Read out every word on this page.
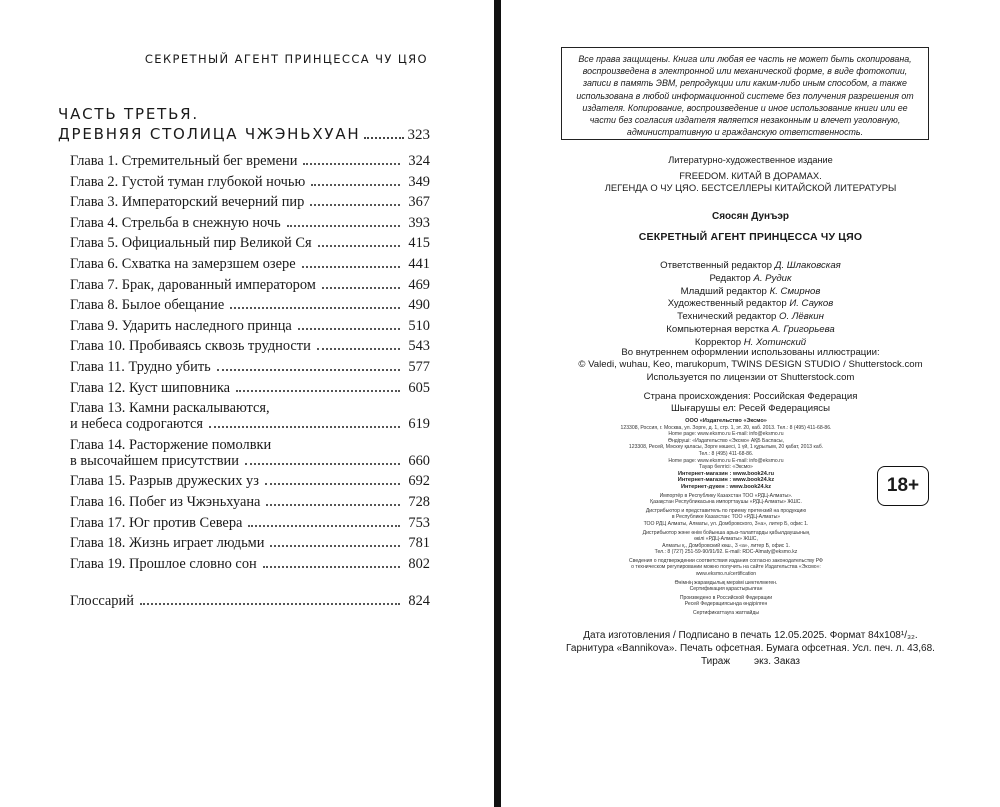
СЕКРЕТНЫЙ АГЕНТ ПРИНЦЕССА ЧУ ЦЯО
ЧАСТЬ ТРЕТЬЯ.
ДРЕВНЯЯ СТОЛИЦА ЧЖЭНЬХУАН	323
Глава 1. Стремительный бег времени	324
Глава 2. Густой туман глубокой ночью	349
Глава 3. Императорский вечерний пир	367
Глава 4. Стрельба в снежную ночь	393
Глава 5. Официальный пир Великой Ся	415
Глава 6. Схватка на замерзшем озере	441
Глава 7. Брак, дарованный императором	469
Глава 8. Былое обещание	490
Глава 9. Ударить наследного принца	510
Глава 10. Пробиваясь сквозь трудности	543
Глава 11. Трудно убить	577
Глава 12. Куст шиповника	605
Глава 13. Камни раскалываются,
и небеса содрогаются	619
Глава 14. Расторжение помолвки
в высочайшем присутствии	660
Глава 15. Разрыв дружеских уз	692
Глава 16. Побег из Чжэньхуана	728
Глава 17. Юг против Севера	753
Глава 18. Жизнь играет людьми	781
Глава 19. Прошлое словно сон	802
Глоссарий	824
Все права защищены. Книга или любая ее часть не может быть скопирована, воспроизведена в электронной или механической форме, в виде фотокопии, записи в память ЭВМ, репродукции или каким-либо иным способом, а также использована в любой информационной системе без получения разрешения от издателя. Копирование, воспроизведение и иное использование книги или ее части без согласия издателя является незаконным и влечет уголовную, административную и гражданскую ответственность.
Литературно-художественное издание
FREEDOM. КИТАЙ В ДОРАМАХ.
ЛЕГЕНДА О ЧУ ЦЯО. БЕСТСЕЛЛЕРЫ КИТАЙСКОЙ ЛИТЕРАТУРЫ
Сяосян Дунъэр
СЕКРЕТНЫЙ АГЕНТ ПРИНЦЕССА ЧУ ЦЯО
Ответственный редактор Д. Шлаковская
Редактор А. Рудик
Младший редактор К. Смирнов
Художественный редактор И. Сауков
Технический редактор О. Лёвкин
Компьютерная верстка А. Григорьева
Корректор Н. Хотинский
Во внутреннем оформлении использованы иллюстрации:
© Valedi, wuhau, Keo, marukopum, TWINS DESIGN STUDIO / Shutterstock.com
Используется по лицензии от Shutterstock.com
Страна происхождения: Российская Федерация
Шығарушы ел: Ресей Федерациясы
ООО «Издательство «Эксмо»
123308, Россия, г. Москва, ул. Зорге, д. 1, стр. 1, эт. 20, каб. 2013. Тел.: 8 (495) 411-68-86.
Home page: www.eksmo.ru E-mail: info@eksmo.ru
Өндіруші: «Издательство «Эксмо» АҚБ Баспасы,
123308, Ресей, Мәскеу қаласы, Зорге көшесі, 1 үй, 1 құрылым, 20 қабат, 2013 каб.
Тел.: 8 (495) 411-68-86.
Home page: www.eksmo.ru E-mail: info@eksmo.ru
Тауар белгісі: «Эксмо»
Интернет-магазин : www.book24.ru
Интернет-магазин : www.book24.kz
Интернет-дүкен : www.book24.kz
Импортёр в Республику Казахстан ТОО «РДЦ-Алматы».
Қазақстан Республикасына импорттаушы «РДЦ-Алматы» ЖШС.
Дистрибьютор и представитель по приему претензий на продукцию
в Республике Казахстан: ТОО «РДЦ-Алматы»
ТОО РДЦ Алматы, Алматы, ул. Домбровского, 3«а», литер Б, офис 1.
Дистрибьютор және өнім бойынша арыз-талаптарды қабылдаушының
өкілі «РДЦ-Алматы» ЖШС,
Алматы қ., Домбровский көш., 3 «а», литер Б, офис 1.
Тел.: 8 (727) 251-59-90/91/92. E-mail: RDC-Almaty@eksmo.kz
Сведения о подтверждении соответствия издания согласно законодательству РФ
о техническом регулировании можно получить на сайте Издательства «Эксмо»:
www.eksmo.ru/certification
Өнімнің жарамдылық мерзімі шектелмеген.
Сертификация қарастырылған
Произведено в Российской Федерации
Ресей Федерациясында өндірілген
Сертификаттауға жатпайды
18+
Дата изготовления / Подписано в печать 12.05.2025. Формат 84x108¹/₃₂.
Гарнитура «Bannikova». Печать офсетная. Бумага офсетная. Усл. печ. л. 43,68.
Тираж экз. Заказ
